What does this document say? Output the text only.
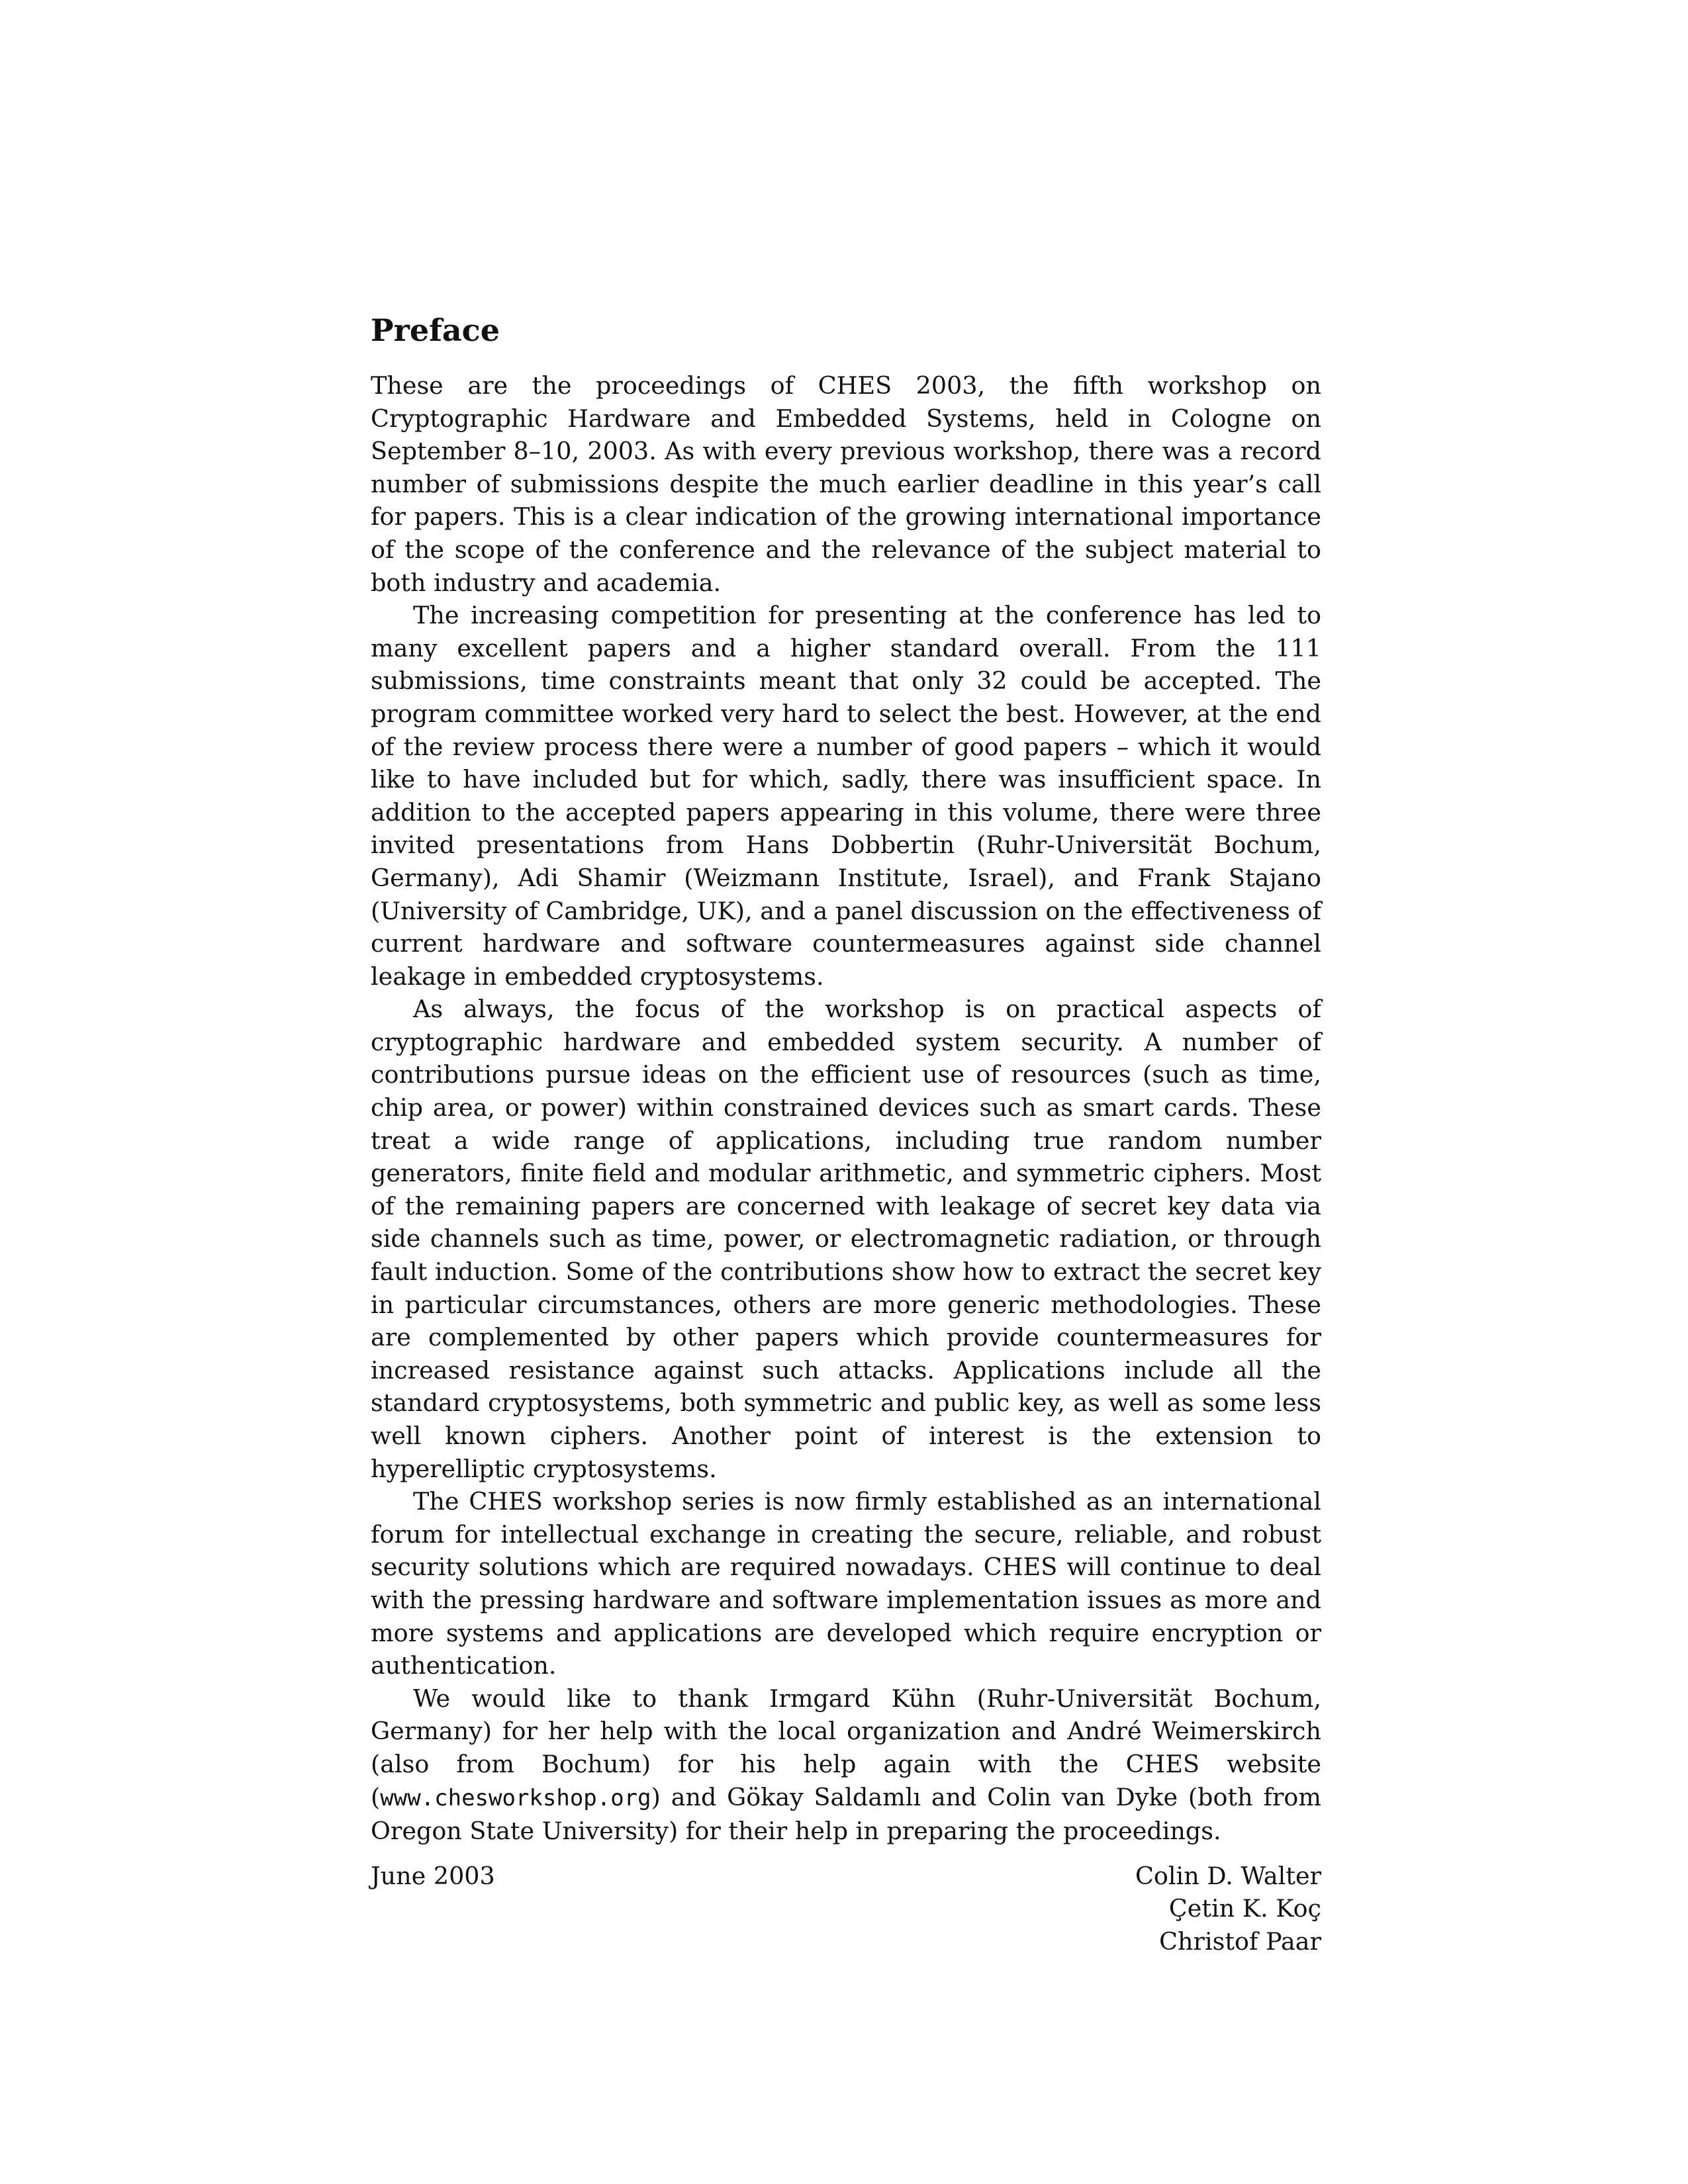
Preface

These are the proceedings of CHES 2003, the fifth workshop on Cryptographic Hardware and Embedded Systems, held in Cologne on September 8–10, 2003. As with every previous workshop, there was a record number of submissions despite the much earlier deadline in this year’s call for papers. This is a clear indication of the growing international importance of the scope of the conference and the relevance of the subject material to both industry and academia.

The increasing competition for presenting at the conference has led to many excellent papers and a higher standard overall. From the 111 submissions, time constraints meant that only 32 could be accepted. The program committee worked very hard to select the best. However, at the end of the review process there were a number of good papers – which it would like to have included but for which, sadly, there was insufficient space. In addition to the accepted papers appearing in this volume, there were three invited presentations from Hans Dobbertin (Ruhr-Universität Bochum, Germany), Adi Shamir (Weizmann Institute, Israel), and Frank Stajano (University of Cambridge, UK), and a panel discussion on the effectiveness of current hardware and software countermeasures against side channel leakage in embedded cryptosystems.

As always, the focus of the workshop is on practical aspects of cryptographic hardware and embedded system security. A number of contributions pursue ideas on the efficient use of resources (such as time, chip area, or power) within constrained devices such as smart cards. These treat a wide range of applications, including true random number generators, finite field and modular arithmetic, and symmetric ciphers. Most of the remaining papers are concerned with leakage of secret key data via side channels such as time, power, or electromagnetic radiation, or through fault induction. Some of the contributions show how to extract the secret key in particular circumstances, others are more generic methodologies. These are complemented by other papers which provide countermeasures for increased resistance against such attacks. Applications include all the standard cryptosystems, both symmetric and public key, as well as some less well known ciphers. Another point of interest is the extension to hyperelliptic cryptosystems.

The CHES workshop series is now firmly established as an international forum for intellectual exchange in creating the secure, reliable, and robust security solutions which are required nowadays. CHES will continue to deal with the pressing hardware and software implementation issues as more and more systems and applications are developed which require encryption or authentication.

We would like to thank Irmgard Kühn (Ruhr-Universität Bochum, Germany) for her help with the local organization and André Weimerskirch (also from Bochum) for his help again with the CHES website (www.chesworkshop.org) and Gökay Saldamlı and Colin van Dyke (both from Oregon State University) for their help in preparing the proceedings.

June 2003	Colin D. Walter
Çetin K. Koç
Christof Paar
